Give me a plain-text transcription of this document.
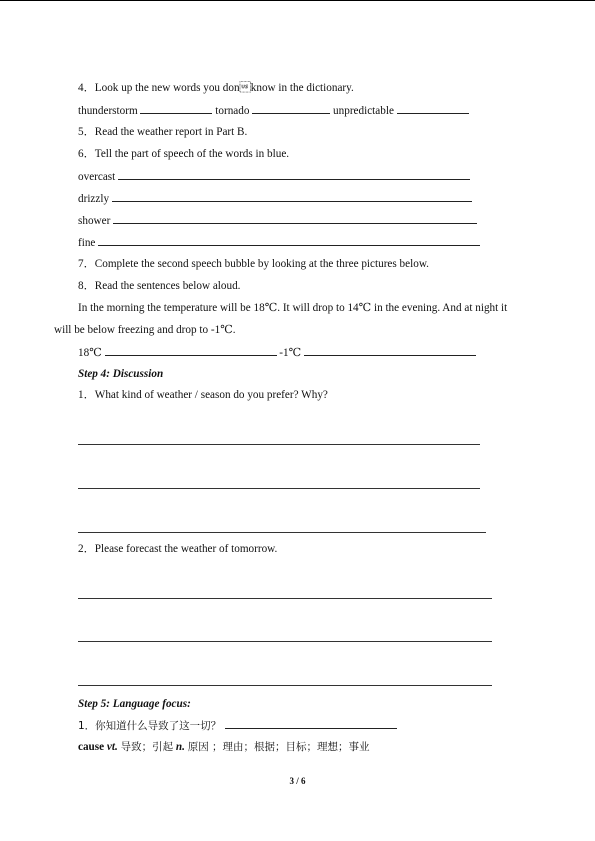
4．Look up the new words you donknow in the dictionary.
thunderstorm	tornado	unpredictable
5．Read the weather report in Part B.
6．Tell the part of speech of the words in blue.
overcast
drizzly
shower
fine
7．Complete the second speech bubble by looking at the three pictures below.
8．Read the sentences below aloud.
In the morning the temperature will be 18℃. It will drop to 14℃ in the evening. And at night it
will be below freezing and drop to -1℃.
18℃	-1℃
Step 4: Discussion
1．What kind of weather / season do you prefer? Why?
2．Please forecast the weather of tomorrow.
Step 5: Language focus:
1．你知道什么导致了这一切？
cause vt. 导致；引起 n. 原因 ；理由；根据；目标；理想；事业
3 / 6
